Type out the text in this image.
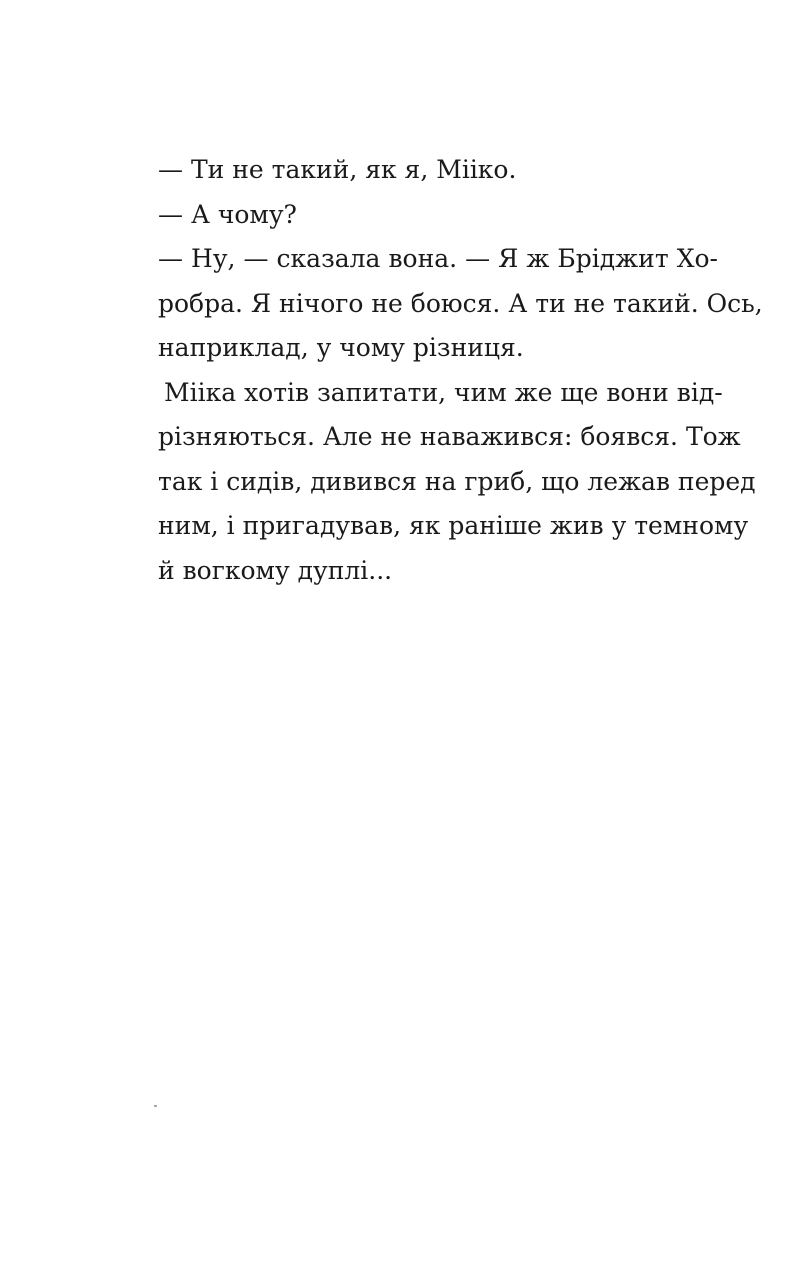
— Ти не такий, як я, Мііко.
— А чому?
— Ну, — сказала вона. — Я ж Бріджит Хо-
робра. Я нічого не боюся. А ти не такий. Ось,
наприклад, у чому різниця.
Мііка хотів запитати, чим же ще вони від-
різняються. Але не наважився: боявся. Тож
так і сидів, дивився на гриб, що лежав перед
ним, і пригадував, як раніше жив у темному
й вогкому дуплі...
